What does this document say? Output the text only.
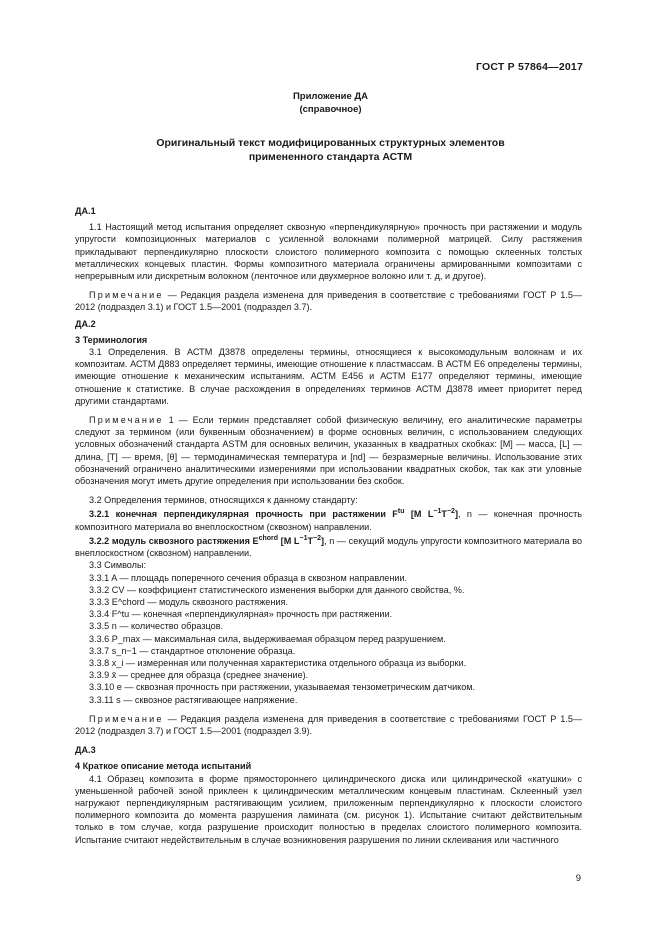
ГОСТ Р 57864—2017
Приложение ДА
(справочное)
Оригинальный текст модифицированных структурных элементов
примененного стандарта АСТМ

ДА.1

1.1 Настоящий метод испытания определяет сквозную «перпендикулярную» прочность при растяжении и модуль упругости композиционных материалов с усиленной волокнами полимерной матрицей. Силу растяжения прикладывают перпендикулярно плоскости слоистого полимерного композита с помощью склеенных толстых металлических концевых пластин. Формы композитного материала ограничены армированными композитами с непрерывным или дискретным волокном (ленточное или двухмерное волокно или т. д, и другое).

Примечание — Редакция раздела изменена для приведения в соответствие с требованиями ГОСТ Р 1.5—2012 (подраздел 3.1) и ГОСТ 1.5—2001 (подраздел 3.7).

ДА.2

3 Терминология

3.1 Определения. В АСТМ Д3878 определены термины, относящиеся к высокомодульным волокнам и их композитам. АСТМ Д883 определяет термины, имеющие отношение к пластмассам. В АСТМ Е6 определены термины, имеющие отношение к механическим испытаниям. АСТМ Е456 и АСТМ Е177 определяют термины, имеющие отношение к статистике. В случае расхождения в определениях терминов АСТМ Д3878 имеет приоритет перед другими стандартами.

Примечание 1 — Если термин представляет собой физическую величину, его аналитические параметры следуют за термином (или буквенным обозначением) в форме основных величин, с использованием следующих условных обозначений стандарта ASTM для основных величин, указанных в квадратных скобках: [M] — масса, [L] — длина, [T] — время, [θ] — термодинамическая температура и [nd] — безразмерные величины. Использование этих обозначений ограничено аналитическими измерениями при использовании квадратных скобок, так как эти уловные обозначения могут иметь другие определения при использовании без скобок.

3.2 Определения терминов, относящихся к данному стандарту:

3.2.1 конечная перпендикулярная прочность при растяжении $F^{tu}$ [M $L^{-1}T^{-2}$], n — конечная прочность композитного материала во внеплоскостном (сквозном) направлении.

3.2.2 модуль сквозного растяжения $E^{chord}$ [M $L^{-1}T^{-2}$], n — секущий модуль упругости композитного материала во внеплоскостном (сквозном) направлении.

3.3 Символы:

3.3.1 A — площадь поперечного сечения образца в сквозном направлении.

3.3.2 CV — коэффициент статистического изменения выборки для данного свойства, %.

3.3.3 E^chord — модуль сквозного растяжения.

3.3.4 F^tu — конечная «перпендикулярная» прочность при растяжении.

3.3.5 n — количество образцов.

3.3.6 P_max — максимальная сила, выдерживаемая образцом перед разрушением.

3.3.7 s_n−1 — стандартное отклонение образца.

3.3.8 x_i — измеренная или полученная характеристика отдельного образца из выборки.

3.3.9 x̄ — среднее для образца (среднее значение).

3.3.10 e — сквозная прочность при растяжении, указываемая тензометрическим датчиком.

3.3.11 s — сквозное растягивающее напряжение.

Примечание — Редакция раздела изменена для приведения в соответствие с требованиями ГОСТ Р 1.5—2012 (подраздел 3.7) и ГОСТ 1.5—2001 (подраздел 3.9).

ДА.3

4 Краткое описание метода испытаний

4.1 Образец композита в форме прямостороннего цилиндрического диска или цилиндрической «катушки» с уменьшенной рабочей зоной приклеен к цилиндрическим металлическим концевым пластинам. Склеенный узел нагружают перпендикулярным растягивающим усилием, приложенным перпендикулярно к плоскости слоистого полимерного композита до момента разрушения ламината (см. рисунок 1). Испытание считают действительным только в том случае, когда разрушение происходит полностью в пределах слоистого полимерного композита. Испытание считают недействительным в случае возникновения разрушения по линии склеивания или частичного

9
